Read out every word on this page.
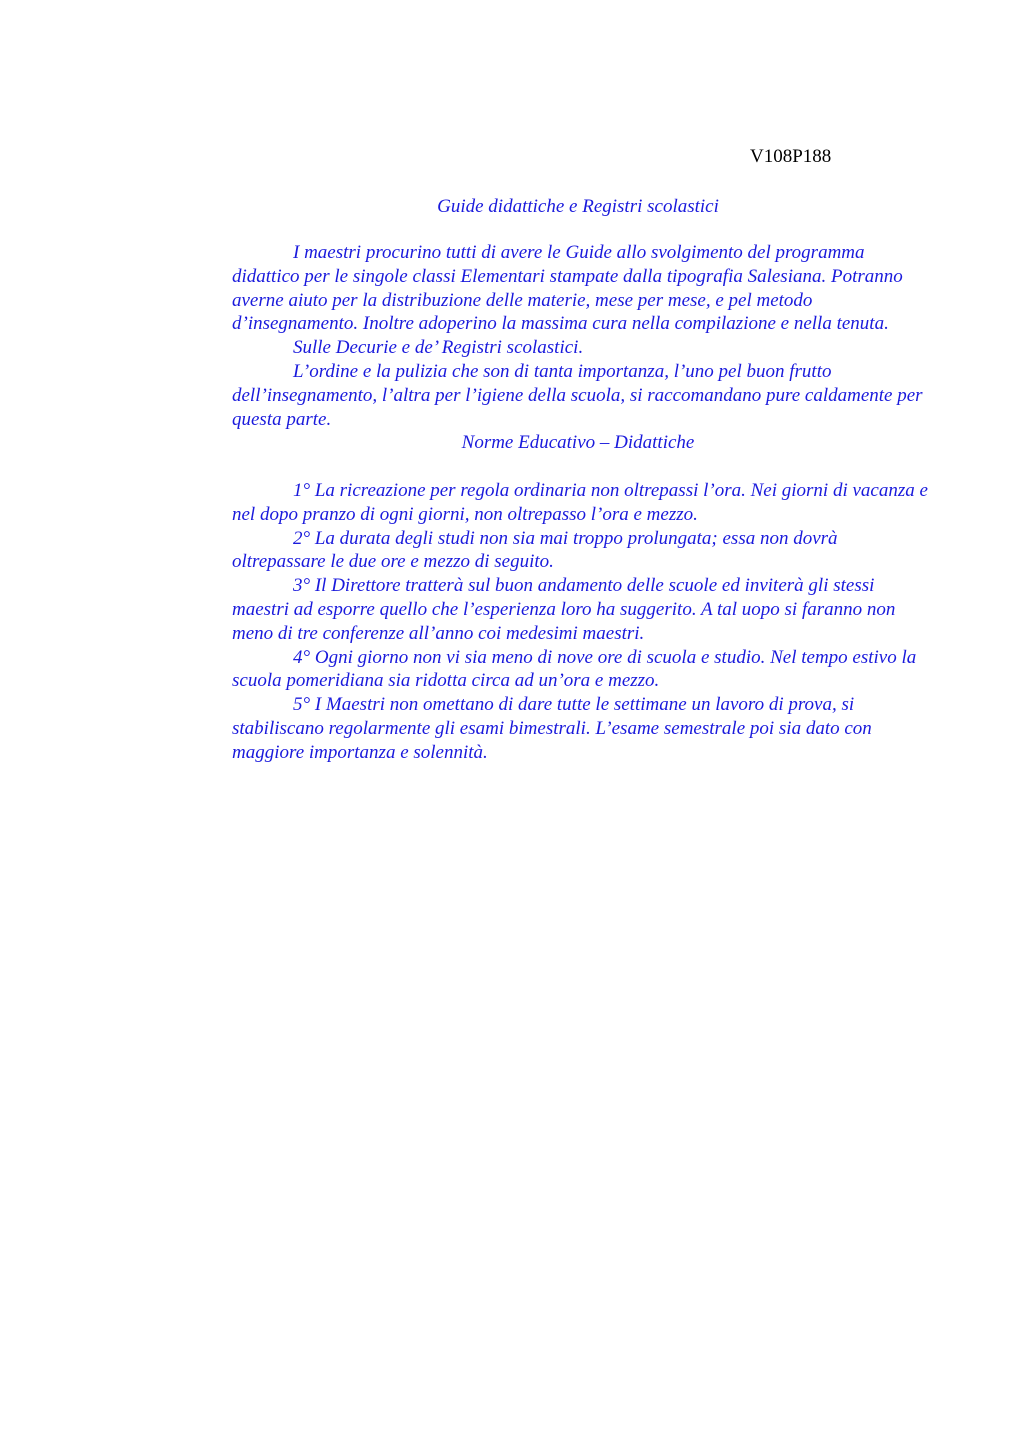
V108P188
Guide didattiche e Registri scolastici
I maestri procurino tutti di avere le Guide allo svolgimento del programma
didattico per le singole classi Elementari stampate dalla tipografia Salesiana. Potranno
averne aiuto per la distribuzione delle materie, mese per mese, e pel metodo
d’insegnamento. Inoltre adoperino la massima cura nella compilazione e nella tenuta.
Sulle Decurie e de’ Registri scolastici.
L’ordine e la pulizia che son di tanta importanza, l’uno pel buon frutto
dell’insegnamento, l’altra per l’igiene della scuola, si raccomandano pure caldamente per
questa parte.
Norme Educativo – Didattiche
1° La ricreazione per regola ordinaria non oltrepassi l’ora. Nei giorni di vacanza e
nel dopo pranzo di ogni giorni, non oltrepasso l’ora e mezzo.
2° La durata degli studi non sia mai troppo prolungata; essa non dovrà
oltrepassare le due ore e mezzo di seguito.
3° Il Direttore tratterà sul buon andamento delle scuole ed inviterà gli stessi
maestri ad esporre quello che l’esperienza loro ha suggerito. A tal uopo si faranno non
meno di tre conferenze all’anno coi medesimi maestri.
4° Ogni giorno non vi sia meno di nove ore di scuola e studio. Nel tempo estivo la
scuola pomeridiana sia ridotta circa ad un’ora e mezzo.
5° I Maestri non omettano di dare tutte le settimane un lavoro di prova, si
stabiliscano regolarmente gli esami bimestrali. L’esame semestrale poi sia dato con
maggiore importanza e solennità.
